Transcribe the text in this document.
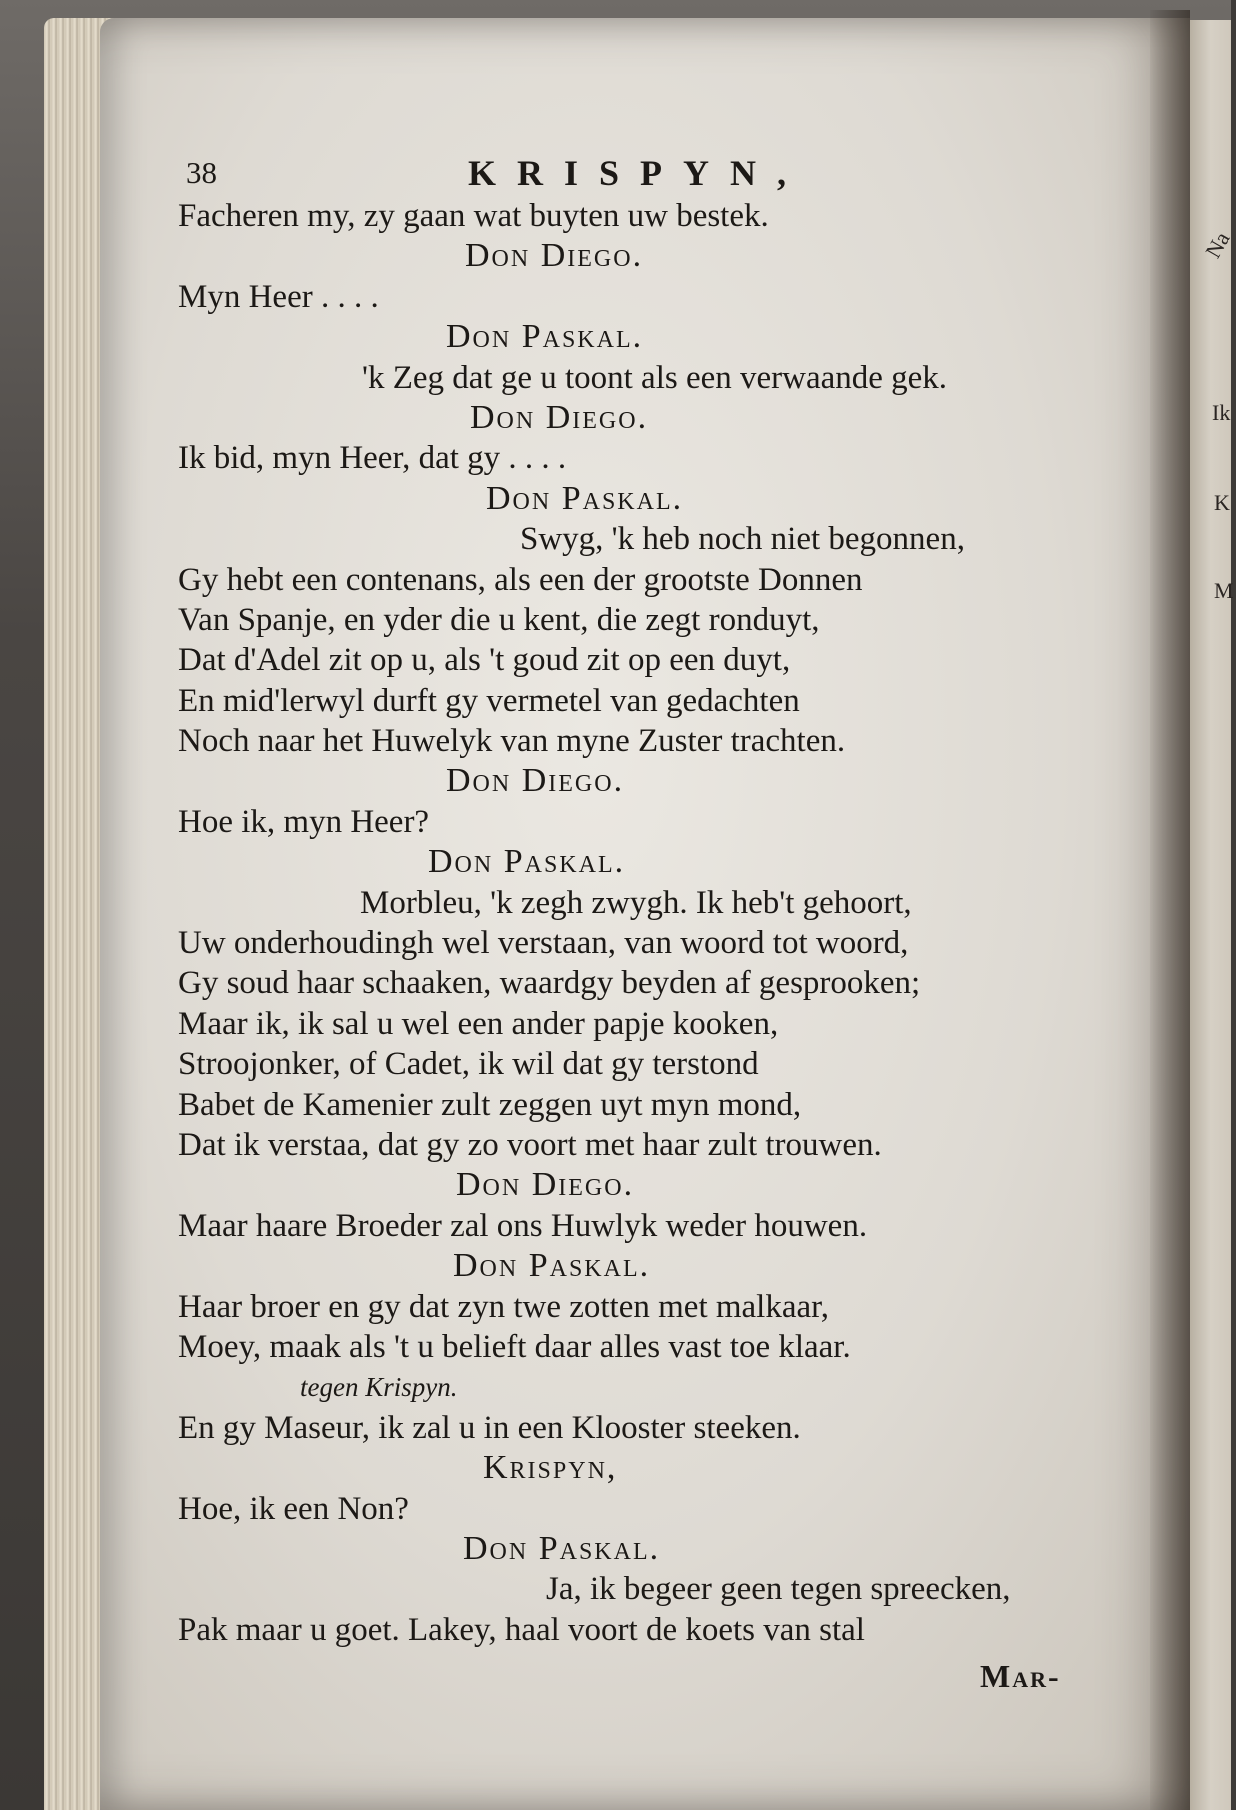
Na
Ik
K
M
38	KRISPYN,
Facheren my, zy gaan wat buyten uw bestek.
Don Diego.
Myn Heer . . . .
Don Paskal.
'k Zeg dat ge u toont als een verwaande gek.
Don Diego.
Ik bid, myn Heer, dat gy . . . .
Don Paskal.
Swyg, 'k heb noch niet begonnen,
Gy hebt een contenans, als een der grootste Donnen
Van Spanje, en yder die u kent, die zegt ronduyt,
Dat d'Adel zit op u, als 't goud zit op een duyt,
En mid'lerwyl durft gy vermetel van gedachten
Noch naar het Huwelyk van myne Zuster trachten.
Don Diego.
Hoe ik, myn Heer?
Don Paskal.
Morbleu, 'k zegh zwygh. Ik heb't gehoort,
Uw onderhoudingh wel verstaan, van woord tot woord,
Gy soud haar schaaken, waardgy beyden af gesprooken;
Maar ik, ik sal u wel een ander papje kooken,
Stroojonker, of Cadet, ik wil dat gy terstond
Babet de Kamenier zult zeggen uyt myn mond,
Dat ik verstaa, dat gy zo voort met haar zult trouwen.
Don Diego.
Maar haare Broeder zal ons Huwlyk weder houwen.
Don Paskal.
Haar broer en gy dat zyn twe zotten met malkaar,
Moey, maak als 't u belieft daar alles vast toe klaar.
tegen Krispyn.
En gy Maseur, ik zal u in een Klooster steeken.
Krispyn,
Hoe, ik een Non?
Don Paskal.
Ja, ik begeer geen tegen spreecken,
Pak maar u goet. Lakey, haal voort de koets van stal
Mar-
